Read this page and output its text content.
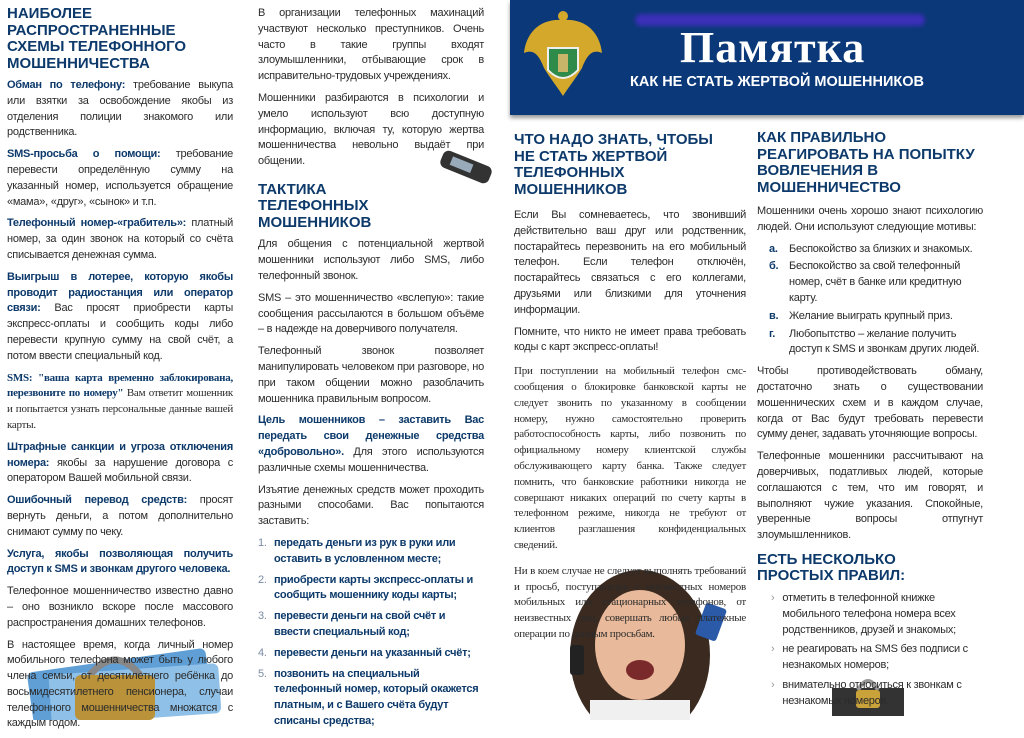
Памятка
КАК НЕ СТАТЬ ЖЕРТВОЙ МОШЕННИКОВ
НАИБОЛЕЕ РАСПРОСТРАНЕННЫЕ СХЕМЫ ТЕЛЕФОННОГО МОШЕННИЧЕСТВА

Обман по телефону: требование выкупа или взятки за освобождение якобы из отделения полиции знакомого или родственника.

SMS-просьба о помощи: требование перевести определённую сумму на указанный номер, используется обращение «мама», «друг», «сынок» и т.п.

Телефонный номер-«грабитель»: платный номер, за один звонок на который со счёта списывается денежная сумма.

Выигрыш в лотерее, которую якобы проводит радиостанция или оператор связи: Вас просят приобрести карты экспресс-оплаты и сообщить коды либо перевести крупную сумму на свой счёт, а потом ввести специальный код.

SMS: "ваша карта временно заблокирована, перезвоните по номеру" Вам ответит мошенник и попытается узнать персональные данные вашей карты.

Штрафные санкции и угроза отключения номера: якобы за нарушение договора с оператором Вашей мобильной связи.

Ошибочный перевод средств: просят вернуть деньги, а потом дополнительно снимают сумму по чеку.

Услуга, якобы позволяющая получить доступ к SMS и звонкам другого человека.

Телефонное мошенничество известно давно – оно возникло вскоре после массового распространения домашних телефонов.

В настоящее время, когда личный номер мобильного телефона может быть у любого члена семьи, от десятилетнего ребёнка до восьмидесятилетнего пенсионера, случаи телефонного мошенничества множатся с каждым годом.

В организации телефонных махинаций участвуют несколько преступников. Очень часто в такие группы входят злоумышленники, отбывающие срок в исправительно-трудовых учреждениях.

Мошенники разбираются в психологии и умело используют всю доступную информацию, включая ту, которую жертва мошенничества невольно выдаёт при общении.

ТАКТИКА ТЕЛЕФОННЫХ МОШЕННИКОВ

Для общения с потенциальной жертвой мошенники используют либо SMS, либо телефонный звонок.

SMS – это мошенничество «вслепую»: такие сообщения рассылаются в большом объёме – в надежде на доверчивого получателя.

Телефонный звонок позволяет манипулировать человеком при разговоре, но при таком общении можно разоблачить мошенника правильным вопросом.

Цель мошенников – заставить Вас передать свои денежные средства «добровольно». Для этого используются различные схемы мошенничества.

Изъятие денежных средств может проходить разными способами. Вас попытаются заставить:

1. передать деньги из рук в руки или оставить в условленном месте;
2. приобрести карты экспресс-оплаты и сообщить мошеннику коды карты;
3. перевести деньги на свой счёт и ввести специальный код;
4. перевести деньги на указанный счёт;
5. позвонить на специальный телефонный номер, который окажется платным, и с Вашего счёта будут списаны средства;
ЧТО НАДО ЗНАТЬ, ЧТОБЫ НЕ СТАТЬ ЖЕРТВОЙ ТЕЛЕФОННЫХ МОШЕННИКОВ

Если Вы сомневаетесь, что звонивший действительно ваш друг или родственник, постарайтесь перезвонить на его мобильный телефон. Если телефон отключён, постарайтесь связаться с его коллегами, друзьями или близкими для уточнения информации.

Помните, что никто не имеет права требовать коды с карт экспресс-оплаты!

При поступлении на мобильный телефон смс-сообщения о блокировке банковской карты не следует звонить по указанному в сообщении номеру, нужно самостоятельно проверить работоспособность карты, либо позвонить по официальному номеру клиентской службы обслуживающего карту банка. Также следует помнить, что банковские работники никогда не совершают никаких операций по счету карты в телефонном режиме, никогда не требуют от клиентов разглашения конфиденциальных сведений.

Ни в коем случае не следует выполнять требований и просьб, поступающих с неизвестных номеров мобильных или стационарных телефонов, от неизвестных лиц, совершать любые платежные операции по данным просьбам.

КАК ПРАВИЛЬНО РЕАГИРОВАТЬ НА ПОПЫТКУ ВОВЛЕЧЕНИЯ В МОШЕННИЧЕСТВО

Мошенники очень хорошо знают психологию людей. Они используют следующие мотивы:

а.	Беспокойство за близких и знакомых.
б. Беспокойство за свой телефонный номер, счёт в банке или кредитную карту.
в. Желание выиграть крупный приз.
г.	Любопытство – желание получить доступ к SMS и звонкам других людей.

Чтобы противодействовать обману, достаточно знать о существовании мошеннических схем и в каждом случае, когда от Вас будут требовать перевести сумму денег, задавать уточняющие вопросы.

Телефонные мошенники рассчитывают на доверчивых, податливых людей, которые соглашаются с тем, что им говорят, и выполняют чужие указания. Спокойные, уверенные вопросы отпугнут злоумышленников.

ЕСТЬ НЕСКОЛЬКО ПРОСТЫХ ПРАВИЛ:
› отметить в телефонной книжке мобильного телефона номера всех родственников, друзей и знакомых;
› не реагировать на SMS без подписи с незнакомых номеров;
› внимательно относиться к звонкам с незнакомых номеров.
